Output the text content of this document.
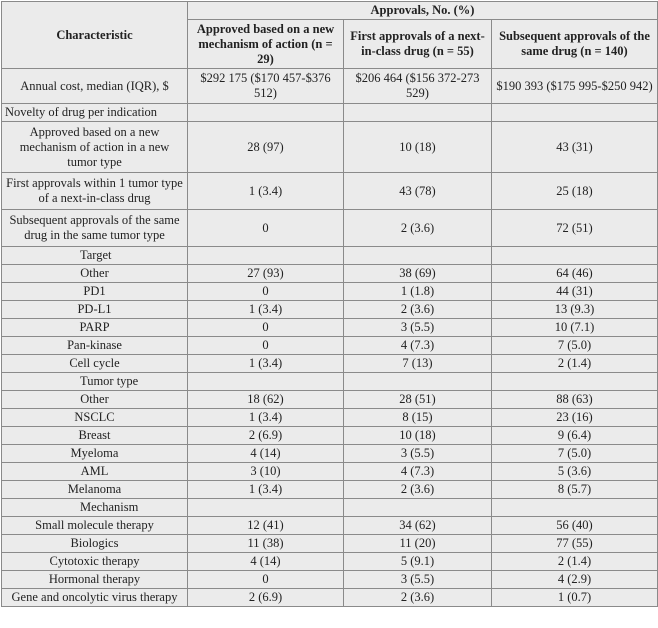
Characteristic	Approvals, No. (%)		
	Approved based on a new mechanism of action (n = 29)	First approvals of a next-in-class drug (n = 55)	Subsequent approvals of the same drug (n = 140)
Annual cost, median (IQR), $	$292 175 ($170 457-$376 512)	$206 464 ($156 372-273 529)	$190 393 ($175 995-$250 942)
Novelty of drug per indication			
Approved based on a new mechanism of action in a new tumor type	28 (97)	10 (18)	43 (31)
First approvals within 1 tumor type of a next-in-class drug	1 (3.4)	43 (78)	25 (18)
Subsequent approvals of the same drug in the same tumor type	0	2 (3.6)	72 (51)
Target			
Other	27 (93)	38 (69)	64 (46)
PD1	0	1 (1.8)	44 (31)
PD-L1	1 (3.4)	2 (3.6)	13 (9.3)
PARP	0	3 (5.5)	10 (7.1)
Pan-kinase	0	4 (7.3)	7 (5.0)
Cell cycle	1 (3.4)	7 (13)	2 (1.4)
Tumor type			
Other	18 (62)	28 (51)	88 (63)
NSCLC	1 (3.4)	8 (15)	23 (16)
Breast	2 (6.9)	10 (18)	9 (6.4)
Myeloma	4 (14)	3 (5.5)	7 (5.0)
AML	3 (10)	4 (7.3)	5 (3.6)
Melanoma	1 (3.4)	2 (3.6)	8 (5.7)
Mechanism			
Small molecule therapy	12 (41)	34 (62)	56 (40)
Biologics	11 (38)	11 (20)	77 (55)
Cytotoxic therapy	4 (14)	5 (9.1)	2 (1.4)
Hormonal therapy	0	3 (5.5)	4 (2.9)
Gene and oncolytic virus therapy	2 (6.9)	2 (3.6)	1 (0.7)
